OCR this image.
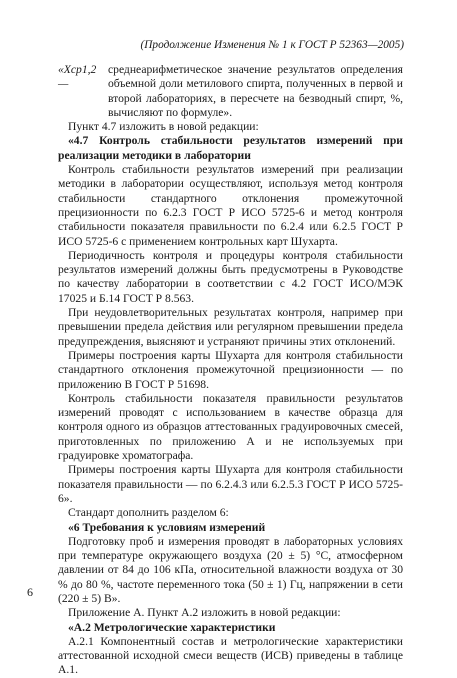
(Продолжение Изменения № 1 к ГОСТ Р 52363—2005)
«Хср1,2 —
среднеарифметическое значение результатов определения объемной доли метилового спирта, полученных в первой и второй лабораториях, в пересчете на безводный спирт, %, вычисляют по формуле».

Пункт 4.7 изложить в новой редакции:

«4.7 Контроль стабильности результатов измерений при реализации методики в лаборатории

Контроль стабильности результатов измерений при реализации методики в лаборатории осуществляют, используя метод контроля стабильности стандартного отклонения промежуточной прецизионности по 6.2.3 ГОСТ Р ИСО 5725-6 и метод контроля стабильности показателя правильности по 6.2.4 или 6.2.5 ГОСТ Р ИСО 5725-6 с применением контрольных карт Шухарта.

Периодичность контроля и процедуры контроля стабильности результатов измерений должны быть предусмотрены в Руководстве по качеству лаборатории в соответствии с 4.2 ГОСТ ИСО/МЭК 17025 и Б.14 ГОСТ Р 8.563.

При неудовлетворительных результатах контроля, например при превышении предела действия или регулярном превышении предела предупреждения, выясняют и устраняют причины этих отклонений.

Примеры построения карты Шухарта для контроля стабильности стандартного отклонения промежуточной прецизионности — по приложению В ГОСТ Р 51698.

Контроль стабильности показателя правильности результатов измерений проводят с использованием в качестве образца для контроля одного из образцов аттестованных градуировочных смесей, приготовленных по приложению А и не используемых при градуировке хроматографа.

Примеры построения карты Шухарта для контроля стабильности показателя правильности — по 6.2.4.3 или 6.2.5.3 ГОСТ Р ИСО 5725-6».

Стандарт дополнить разделом 6:

«6 Требования к условиям измерений

Подготовку проб и измерения проводят в лабораторных условиях при температуре окружающего воздуха (20 ± 5) °С, атмосферном давлении от 84 до 106 кПа, относительной влажности воздуха от 30 % до 80 %, частоте переменного тока (50 ± 1) Гц, напряжении в сети (220 ± 5) В».

Приложение А. Пункт А.2 изложить в новой редакции:

«А.2 Метрологические характеристики

А.2.1 Компонентный состав и метрологические характеристики аттестованной исходной смеси веществ (ИСВ) приведены в таблице А.1.

6
